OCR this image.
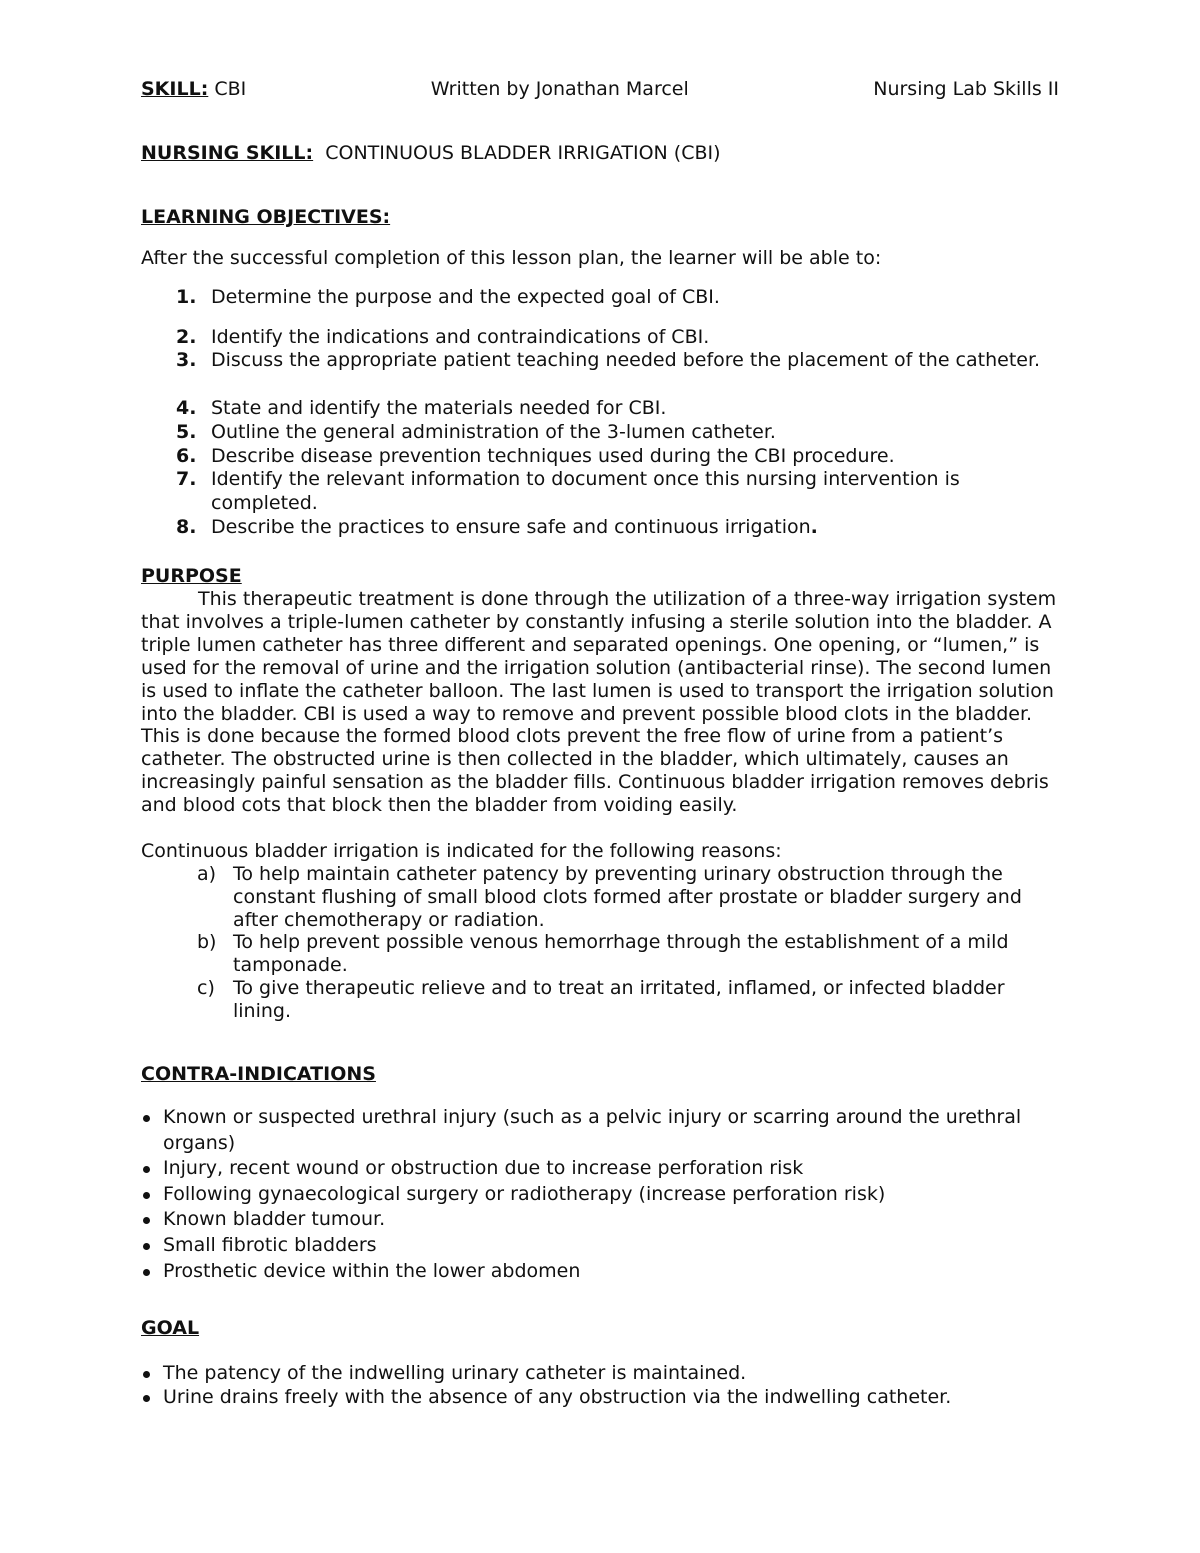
SKILL: CBI	Written by Jonathan Marcel	Nursing Lab Skills II
NURSING SKILL: CONTINUOUS BLADDER IRRIGATION (CBI)
LEARNING OBJECTIVES:
After the successful completion of this lesson plan, the learner will be able to:
1. Determine the purpose and the expected goal of CBI.
2. Identify the indications and contraindications of CBI.
3. Discuss the appropriate patient teaching needed before the placement of the catheter.
4. State and identify the materials needed for CBI.
5. Outline the general administration of the 3-lumen catheter.
6. Describe disease prevention techniques used during the CBI procedure.
7. Identify the relevant information to document once this nursing intervention is completed.
8. Describe the practices to ensure safe and continuous irrigation.
PURPOSE

This therapeutic treatment is done through the utilization of a three-way irrigation system that involves a triple-lumen catheter by constantly infusing a sterile solution into the bladder. A triple lumen catheter has three different and separated openings. One opening, or “lumen,” is used for the removal of urine and the irrigation solution (antibacterial rinse). The second lumen is used to inflate the catheter balloon. The last lumen is used to transport the irrigation solution into the bladder. CBI is used a way to remove and prevent possible blood clots in the bladder. This is done because the formed blood clots prevent the free flow of urine from a patient’s catheter. The obstructed urine is then collected in the bladder, which ultimately, causes an increasingly painful sensation as the bladder fills. Continuous bladder irrigation removes debris and blood cots that block then the bladder from voiding easily.

Continuous bladder irrigation is indicated for the following reasons:
a) To help maintain catheter patency by preventing urinary obstruction through the constant flushing of small blood clots formed after prostate or bladder surgery and after chemotherapy or radiation.
b) To help prevent possible venous hemorrhage through the establishment of a mild tamponade.
c) To give therapeutic relieve and to treat an irritated, inflamed, or infected bladder lining.
CONTRA-INDICATIONS
Known or suspected urethral injury (such as a pelvic injury or scarring around the urethral organs)
Injury, recent wound or obstruction due to increase perforation risk
Following gynaecological surgery or radiotherapy (increase perforation risk)
Known bladder tumour.
Small fibrotic bladders
Prosthetic device within the lower abdomen
GOAL
The patency of the indwelling urinary catheter is maintained.
Urine drains freely with the absence of any obstruction via the indwelling catheter.
